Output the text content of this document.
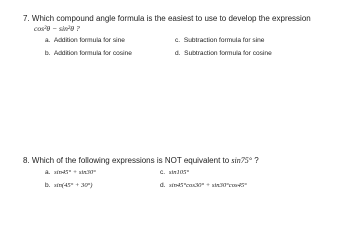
7. Which compound angle formula is the easiest to use to develop the expression
cos²θ − sin²θ ?
a. Addition formula for sine
b. Addition formula for cosine
c. Subtraction formula for sine
d. Subtraction formula for cosine
8. Which of the following expressions is NOT equivalent to sin75° ?
a. sin45° + sin30°
b. sin(45° + 30°)
c. sin105°
d. sin45°cos30° + sin30°cos45°
